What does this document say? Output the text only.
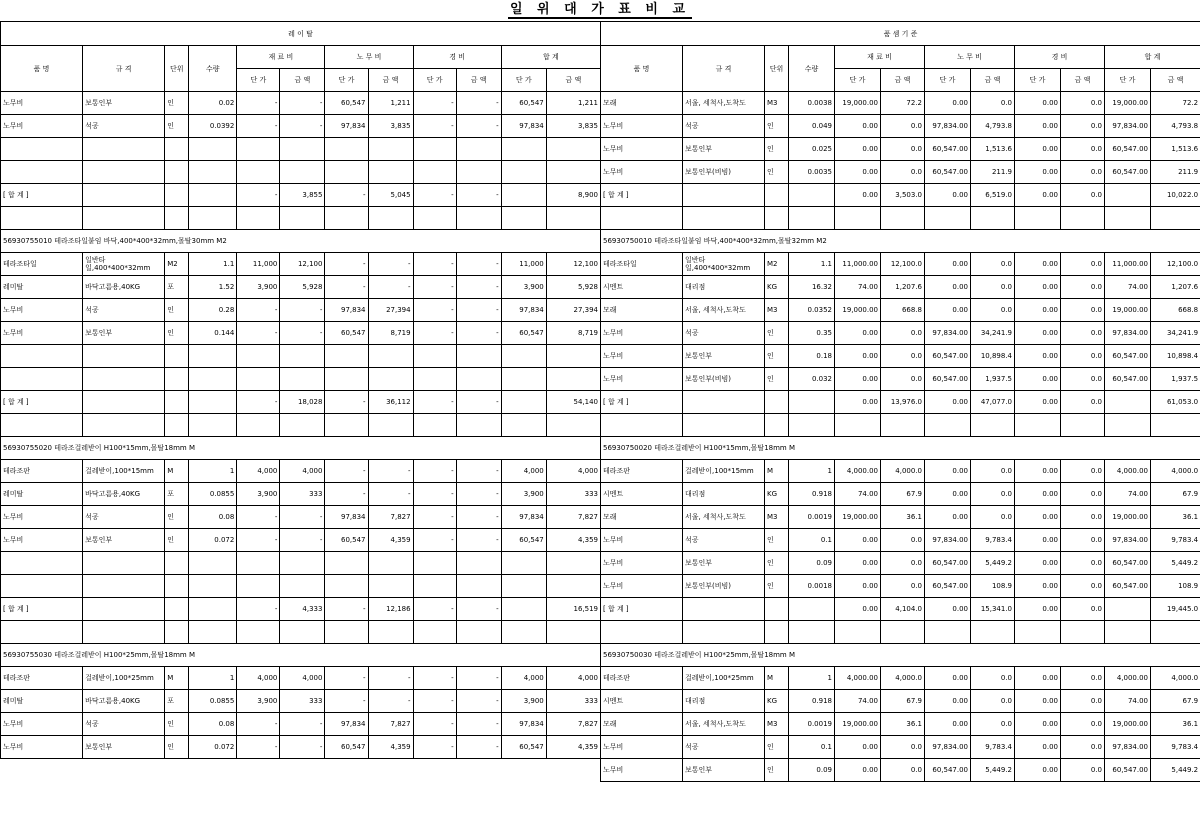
일 위 대 가 표 비 교
레 이 탈											
품 명	규 격	단위	수량	재 료 비		노 무 비		경 비		합 계	
				단 가	금 액	단 가	금 액	단 가	금 액	단 가	금 액
노무비	보통인부	인	0.02	-	-	60,547	1,211	-	-	60,547	1,211
노무비	석공	인	0.0392	-	-	97,834	3,835	-	-	97,834	3,835

[ 합 계 ]				-	3,855	-	5,045	-	-		8,900

56930755010 테라조타일붙임 바닥,400*400*32mm,몰탈30mm M2											
테라조타일	일반타일,400*400*32mm	M2	1.1	11,000	12,100	-	-	-	-	11,000	12,100
레미탈	바닥고름용,40KG	포	1.52	3,900	5,928	-	-	-	-	3,900	5,928
노무비	석공	인	0.28	-	-	97,834	27,394	-	-	97,834	27,394
노무비	보통인부	인	0.144	-	-	60,547	8,719	-	-	60,547	8,719

[ 합 계 ]				-	18,028	-	36,112	-	-		54,140

56930755020 테라조걸레받이 H100*15mm,몰탈18mm M											
테라조판	걸레받이,100*15mm	M	1	4,000	4,000	-	-	-	-	4,000	4,000
레미탈	바닥고름용,40KG	포	0.0855	3,900	333	-	-	-	-	3,900	333
노무비	석공	인	0.08	-	-	97,834	7,827	-	-	97,834	7,827
노무비	보통인부	인	0.072	-	-	60,547	4,359	-	-	60,547	4,359

[ 합 계 ]				-	4,333	-	12,186	-	-		16,519

56930755030 테라조걸레받이 H100*25mm,몰탈18mm M											
테라조판	걸레받이,100*25mm	M	1	4,000	4,000	-	-	-	-	4,000	4,000
레미탈	바닥고름용,40KG	포	0.0855	3,900	333	-	-	-	-	3,900	333
노무비	석공	인	0.08	-	-	97,834	7,827	-	-	97,834	7,827
노무비	보통인부	인	0.072	-	-	60,547	4,359	-	-	60,547	4,359
품 셈 기 준											
품 명	규 격	단위	수량	재 료 비		노 무 비		경 비		합 계	
				단 가	금 액	단 가	금 액	단 가	금 액	단 가	금 액
모래	서울, 세척사,도착도	M3	0.0038	19,000.00	72.2	0.00	0.0	0.00	0.0	19,000.00	72.2
노무비	석공	인	0.049	0.00	0.0	97,834.00	4,793.8	0.00	0.0	97,834.00	4,793.8
노무비	보통인부	인	0.025	0.00	0.0	60,547.00	1,513.6	0.00	0.0	60,547.00	1,513.6
노무비	보통인부(비빔)	인	0.0035	0.00	0.0	60,547.00	211.9	0.00	0.0	60,547.00	211.9
[ 합 계 ]				0.00	3,503.0	0.00	6,519.0	0.00	0.0		10,022.0

56930750010 테라조타일붙임 바닥,400*400*32mm,몰탈32mm M2											
테라조타일	일반타일,400*400*32mm	M2	1.1	11,000.00	12,100.0	0.00	0.0	0.00	0.0	11,000.00	12,100.0
시멘트	대리점	KG	16.32	74.00	1,207.6	0.00	0.0	0.00	0.0	74.00	1,207.6
모래	서울, 세척사,도착도	M3	0.0352	19,000.00	668.8	0.00	0.0	0.00	0.0	19,000.00	668.8
노무비	석공	인	0.35	0.00	0.0	97,834.00	34,241.9	0.00	0.0	97,834.00	34,241.9
노무비	보통인부	인	0.18	0.00	0.0	60,547.00	10,898.4	0.00	0.0	60,547.00	10,898.4
노무비	보통인부(비빔)	인	0.032	0.00	0.0	60,547.00	1,937.5	0.00	0.0	60,547.00	1,937.5
[ 합 계 ]				0.00	13,976.0	0.00	47,077.0	0.00	0.0		61,053.0

56930750020 테라조걸레받이 H100*15mm,몰탈18mm M											
테라조판	걸레받이,100*15mm	M	1	4,000.00	4,000.0	0.00	0.0	0.00	0.0	4,000.00	4,000.0
시멘트	대리점	KG	0.918	74.00	67.9	0.00	0.0	0.00	0.0	74.00	67.9
모래	서울, 세척사,도착도	M3	0.0019	19,000.00	36.1	0.00	0.0	0.00	0.0	19,000.00	36.1
노무비	석공	인	0.1	0.00	0.0	97,834.00	9,783.4	0.00	0.0	97,834.00	9,783.4
노무비	보통인부	인	0.09	0.00	0.0	60,547.00	5,449.2	0.00	0.0	60,547.00	5,449.2
노무비	보통인부(비빔)	인	0.0018	0.00	0.0	60,547.00	108.9	0.00	0.0	60,547.00	108.9
[ 합 계 ]				0.00	4,104.0	0.00	15,341.0	0.00	0.0		19,445.0

56930750030 테라조걸레받이 H100*25mm,몰탈18mm M											
테라조판	걸레받이,100*25mm	M	1	4,000.00	4,000.0	0.00	0.0	0.00	0.0	4,000.00	4,000.0
시멘트	대리점	KG	0.918	74.00	67.9	0.00	0.0	0.00	0.0	74.00	67.9
모래	서울, 세척사,도착도	M3	0.0019	19,000.00	36.1	0.00	0.0	0.00	0.0	19,000.00	36.1
노무비	석공	인	0.1	0.00	0.0	97,834.00	9,783.4	0.00	0.0	97,834.00	9,783.4
노무비	보통인부	인	0.09	0.00	0.0	60,547.00	5,449.2	0.00	0.0	60,547.00	5,449.2
